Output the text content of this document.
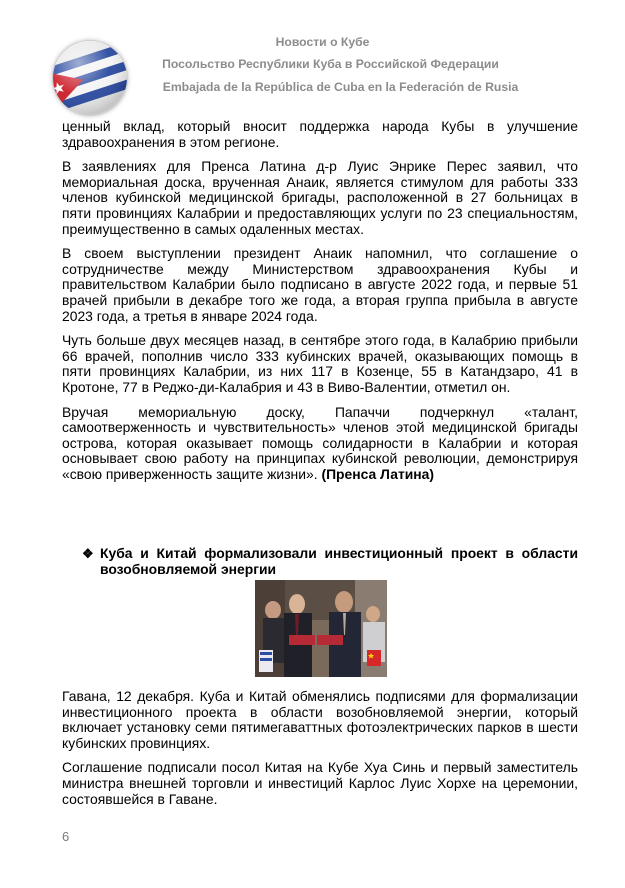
Новости о Кубе
Посольство Республики Куба в Российской Федерации
Embajada de la República de Cuba en la Federación de Rusia

ценный вклад, который вносит поддержка народа Кубы в улучшение здравоохранения в этом регионе.

В заявлениях для Пренса Латина д-р Луис Энрике Перес заявил, что мемориальная доска, врученная Анаик, является стимулом для работы 333 членов кубинской медицинской бригады, расположенной в 27 больницах в пяти провинциях Калабрии и предоставляющих услуги по 23 специальностям, преимущественно в самых одаленных местах.

В своем выступлении президент Анаик напомнил, что соглашение о сотрудничестве между Министерством здравоохранения Кубы и правительством Калабрии было подписано в августе 2022 года, и первые 51 врачей прибыли в декабре того же года, а вторая группа прибыла в августе 2023 года, а третья в январе 2024 года.

Чуть больше двух месяцев назад, в сентябре этого года, в Калабрию прибыли 66 врачей, пополнив число 333 кубинских врачей, оказывающих помощь в пяти провинциях Калабрии, из них 117 в Козенце, 55 в Катандзаро, 41 в Кротоне, 77 в Реджо-ди-Калабрия и 43 в Виво-Валентии, отметил он.

Вручая мемориальную доску, Папаччи подчеркнул «талант, самоотверженность и чувствительность» членов этой медицинской бригады острова, которая оказывает помощь солидарности в Калабрии и которая основывает свою работу на принципах кубинской революции, демонстрируя «свою приверженность защите жизни». (Пренса Латина)

❖ Куба и Китай формализовали инвестиционный проект в области возобновляемой энергии

Гавана, 12 декабря. Куба и Китай обменялись подписями для формализации инвестиционного проекта в области возобновляемой энергии, который включает установку семи пятимегаваттных фотоэлектрических парков в шести кубинских провинциях.

Соглашение подписали посол Китая на Кубе Хуа Синь и первый заместитель министра внешней торговли и инвестиций Карлос Луис Хорхе на церемонии, состоявшейся в Гаване.

6
